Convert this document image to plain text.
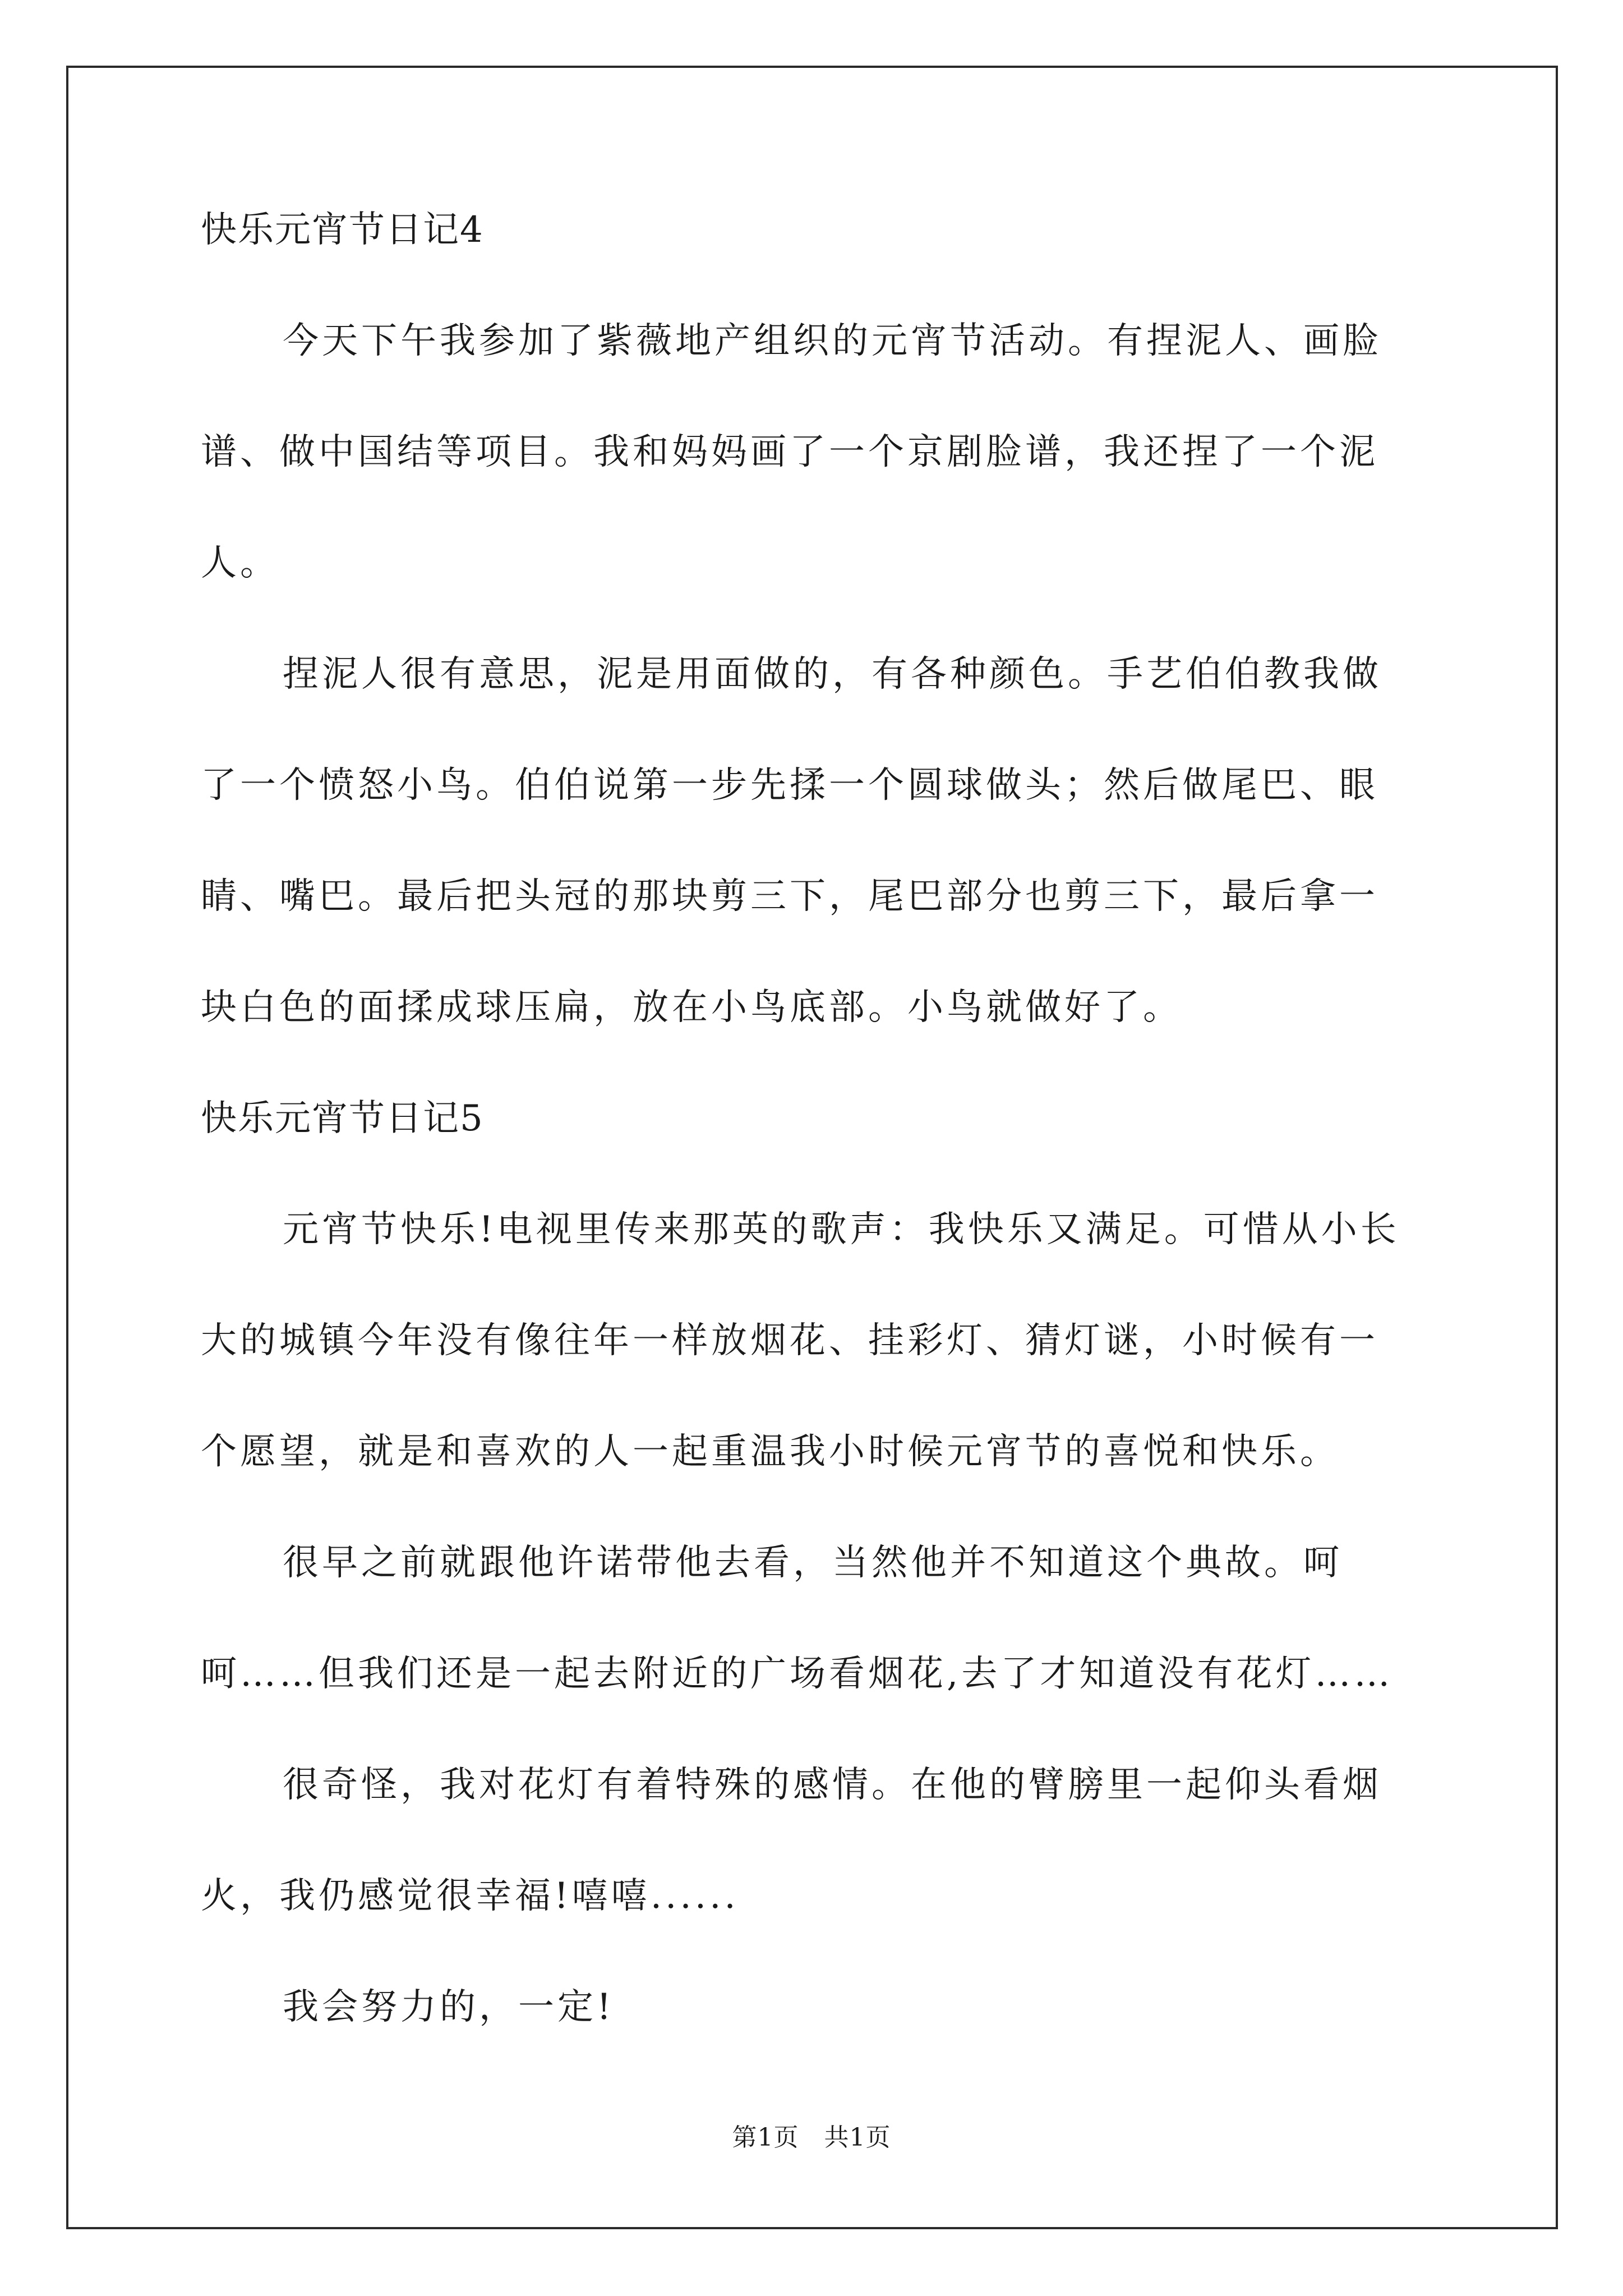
快乐元宵节日记4
今天下午我参加了紫薇地产组织的元宵节活动。有捏泥人、画脸
谱、做中国结等项目。我和妈妈画了一个京剧脸谱，我还捏了一个泥
人。
捏泥人很有意思，泥是用面做的，有各种颜色。手艺伯伯教我做
了一个愤怒小鸟。伯伯说第一步先揉一个圆球做头；然后做尾巴、眼
睛、嘴巴。最后把头冠的那块剪三下，尾巴部分也剪三下，最后拿一
块白色的面揉成球压扁，放在小鸟底部。小鸟就做好了。
快乐元宵节日记5
元宵节快乐!电视里传来那英的歌声：我快乐又满足。可惜从小长
大的城镇今年没有像往年一样放烟花、挂彩灯、猜灯谜，小时候有一
个愿望，就是和喜欢的人一起重温我小时候元宵节的喜悦和快乐。
很早之前就跟他许诺带他去看，当然他并不知道这个典故。呵
呵……但我们还是一起去附近的广场看烟花,去了才知道没有花灯……
很奇怪，我对花灯有着特殊的感情。在他的臂膀里一起仰头看烟
火，我仍感觉很幸福!嘻嘻......
我会努力的，一定!
第1页　共1页
